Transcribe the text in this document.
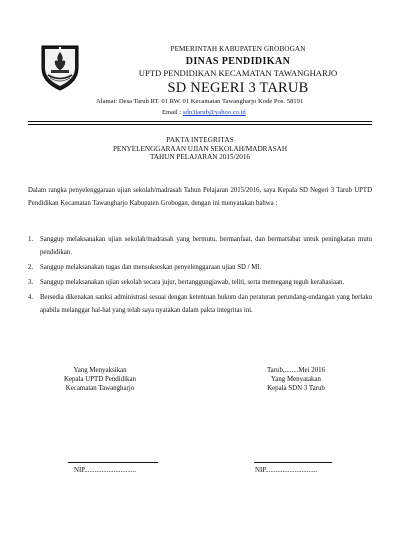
PEMERINTAH KABUPATEN GROBOGAN
DINAS PENDIDIKAN
UPTD PENDIDIKAN KECAMATAN TAWANGHARJO
SD NEGERI 3 TARUB
Alamat: Desa Tarub RT. 01 RW. 01 Kecamatan Tawangharjo Kode Pos. 58191
Email : sdn3tarub@yahoo.co.id
PAKTA INTEGRITAS
PENYELENGGARAAN UJIAN SEKOLAH/MADRASAH
TAHUN PELAJARAN 2015/2016
Dalam rangka penyelenggaraan ujian sekolah/madrasah Tahun Pelajaran 2015/2016, saya Kepala SD Negeri 3 Tarub UPTD Pendidikan Kecamatan Tawangharjo Kabupaten Grobogan, dengan ini menyatakan bahwa :
1. Sanggup melaksanakan ujian sekolah/madrasah yang bermutu, bermanfaat, dan bermartabat untuk peningkatan mutu pendidikan.
2. Sanggup melaksanakan tugas dan mensukseskan penyelenggaraan ujian SD / MI.
3. Sanggup melaksanakan ujian sekolah secara jujur, bertanggungjawab, teliti, serta memegang teguh kerahasiaan.
4. Bersedia dikenakan sanksi administrasi sesuai dengan ketentuan hukum dan peraturan perundang-undangan yang berlaku apabila melanggar hal-hal yang telah saya nyatakan dalam pakta integritas ini.
Yang Menyaksikan
Kepala UPTD Pendidikan
Kecamatan Tawangharjo
Tarub,........Mei 2016
Yang Menyatakan
Kepala SDN 3 Tarub
NIP..............................	NIP..............................
